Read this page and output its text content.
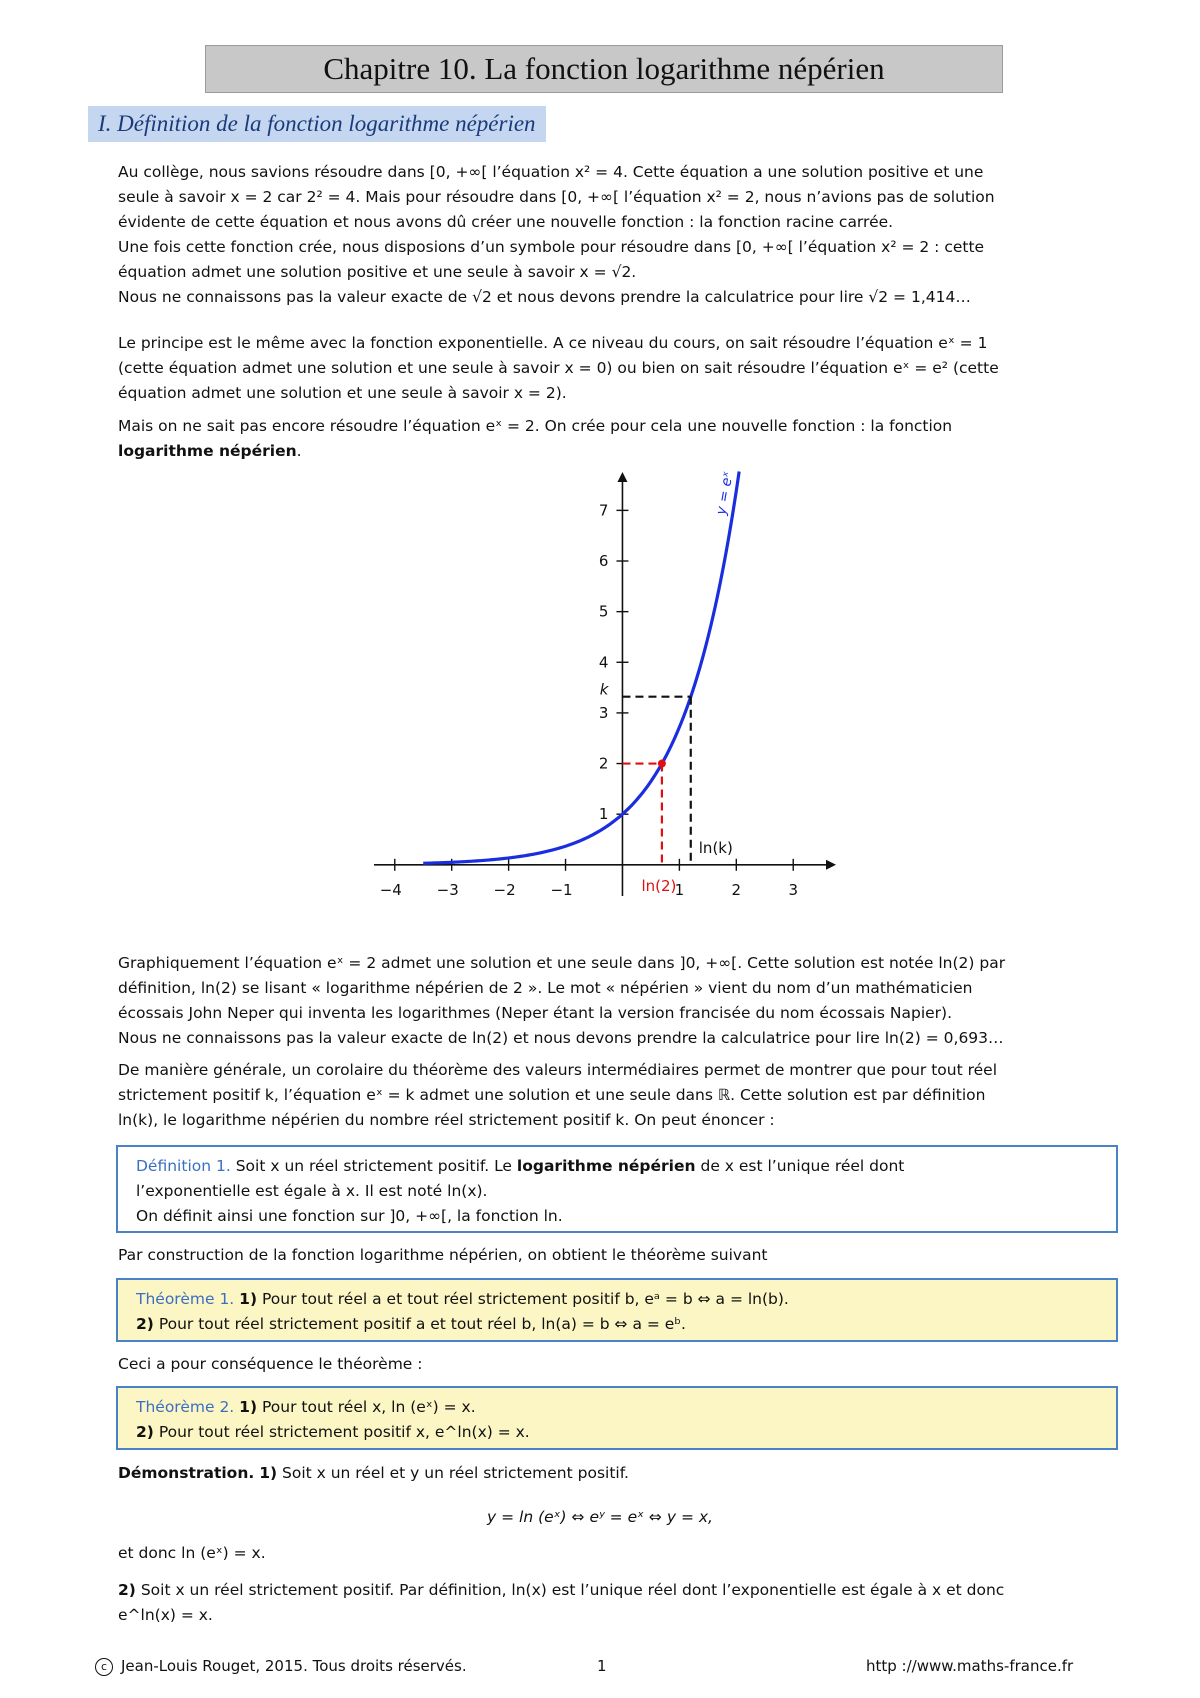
Chapitre 10. La fonction logarithme népérien
I. Définition de la fonction logarithme népérien
Au collège, nous savions résoudre dans [0, +∞[ l’équation x² = 4. Cette équation a une solution positive et une
seule à savoir x = 2 car 2² = 4. Mais pour résoudre dans [0, +∞[ l’équation x² = 2, nous n’avions pas de solution
évidente de cette équation et nous avons dû créer une nouvelle fonction : la fonction racine carrée.
Une fois cette fonction crée, nous disposions d’un symbole pour résoudre dans [0, +∞[ l’équation x² = 2 : cette
équation admet une solution positive et une seule à savoir x = √2.
Nous ne connaissons pas la valeur exacte de √2 et nous devons prendre la calculatrice pour lire √2 = 1,414…
Le principe est le même avec la fonction exponentielle. A ce niveau du cours, on sait résoudre l’équation eˣ = 1
(cette équation admet une solution et une seule à savoir x = 0) ou bien on sait résoudre l’équation eˣ = e² (cette
équation admet une solution et une seule à savoir x = 2).
Mais on ne sait pas encore résoudre l’équation eˣ = 2. On crée pour cela une nouvelle fonction : la fonction
logarithme népérien.
−4 −3 −2 −1	1	2	3
1
2
3
4
5
6
7	y = eˣ
ln(2)
ln(k)
k
Graphiquement l’équation eˣ = 2 admet une solution et une seule dans ]0, +∞[. Cette solution est notée ln(2) par
définition, ln(2) se lisant « logarithme népérien de 2 ». Le mot « népérien » vient du nom d’un mathématicien
écossais John Neper qui inventa les logarithmes (Neper étant la version francisée du nom écossais Napier).
Nous ne connaissons pas la valeur exacte de ln(2) et nous devons prendre la calculatrice pour lire ln(2) = 0,693…
De manière générale, un corolaire du théorème des valeurs intermédiaires permet de montrer que pour tout réel
strictement positif k, l’équation eˣ = k admet une solution et une seule dans ℝ. Cette solution est par définition
ln(k), le logarithme népérien du nombre réel strictement positif k. On peut énoncer :
Définition 1. Soit x un réel strictement positif. Le logarithme népérien de x est l’unique réel dont
l’exponentielle est égale à x. Il est noté ln(x).
On définit ainsi une fonction sur ]0, +∞[, la fonction ln.
Par construction de la fonction logarithme népérien, on obtient le théorème suivant
Théorème 1. 1) Pour tout réel a et tout réel strictement positif b, eᵃ = b ⇔ a = ln(b).
2) Pour tout réel strictement positif a et tout réel b, ln(a) = b ⇔ a = eᵇ.
Ceci a pour conséquence le théorème :
Théorème 2. 1) Pour tout réel x, ln (eˣ) = x.
2) Pour tout réel strictement positif x, e^ln(x) = x.
Démonstration. 1) Soit x un réel et y un réel strictement positif.
y = ln (eˣ) ⇔ eʸ = eˣ ⇔ y = x,
et donc ln (eˣ) = x.
2) Soit x un réel strictement positif. Par définition, ln(x) est l’unique réel dont l’exponentielle est égale à x et donc
e^ln(x) = x.
c Jean-Louis Rouget, 2015. Tous droits réservés.	1	http ://www.maths-france.fr
